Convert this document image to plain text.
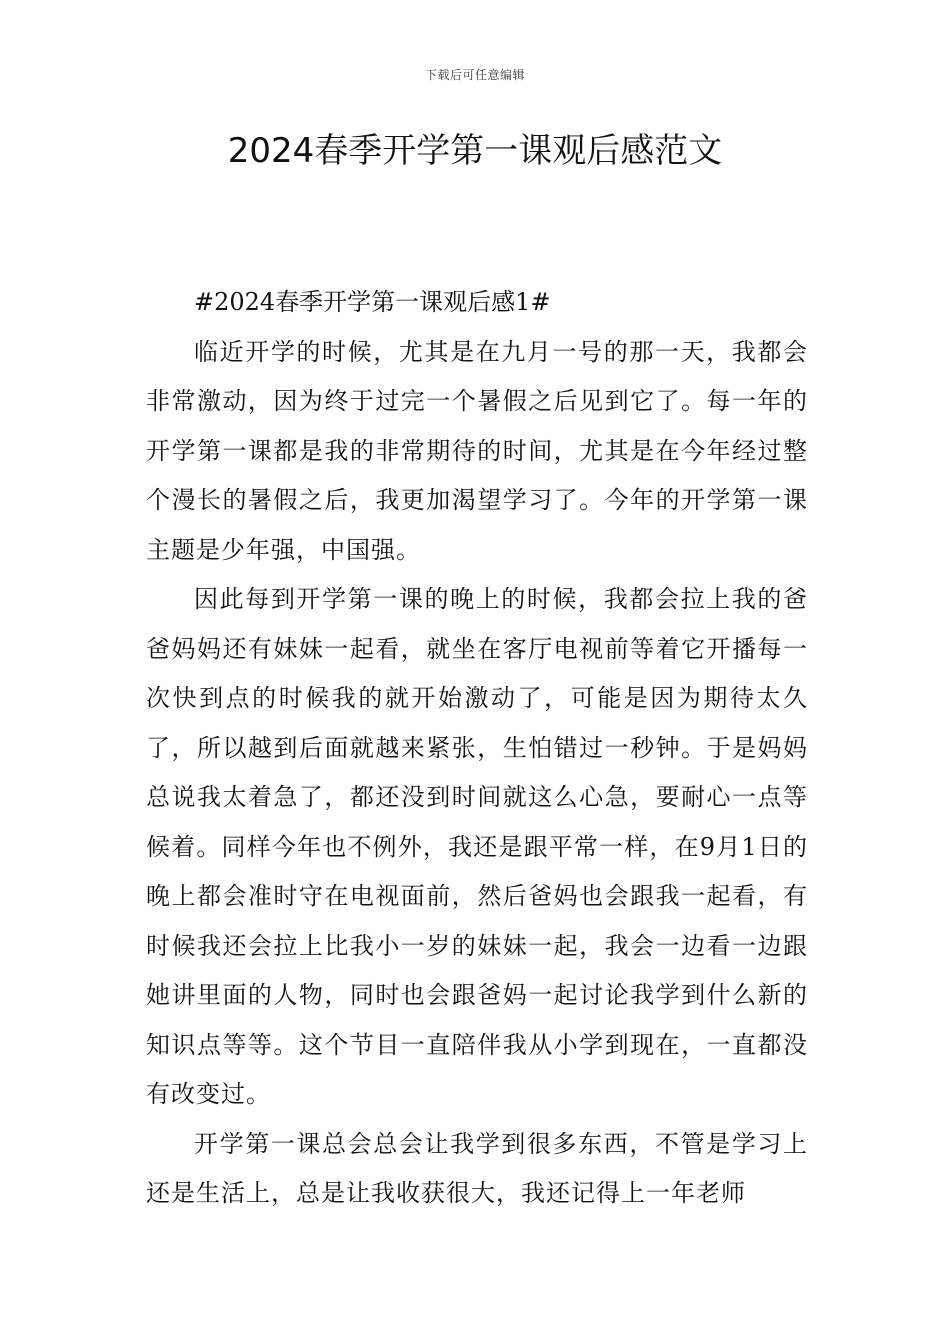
下载后可任意编辑
2024春季开学第一课观后感范文

#2024春季开学第一课观后感1#

临近开学的时候，尤其是在九月一号的那一天，我都会非常激动，因为终于过完一个暑假之后见到它了。每一年的开学第一课都是我的非常期待的时间，尤其是在今年经过整个漫长的暑假之后，我更加渴望学习了。今年的开学第一课主题是少年强，中国强。

因此每到开学第一课的晚上的时候，我都会拉上我的爸爸妈妈还有妹妹一起看，就坐在客厅电视前等着它开播每一次快到点的时候我的就开始激动了，可能是因为期待太久了，所以越到后面就越来紧张，生怕错过一秒钟。于是妈妈总说我太着急了，都还没到时间就这么心急，要耐心一点等候着。同样今年也不例外，我还是跟平常一样，在9月1日的晚上都会准时守在电视面前，然后爸妈也会跟我一起看，有时候我还会拉上比我小一岁的妹妹一起，我会一边看一边跟她讲里面的人物，同时也会跟爸妈一起讨论我学到什么新的知识点等等。这个节目一直陪伴我从小学到现在，一直都没有改变过。

开学第一课总会总会让我学到很多东西，不管是学习上还是生活上，总是让我收获很大，我还记得上一年老师
